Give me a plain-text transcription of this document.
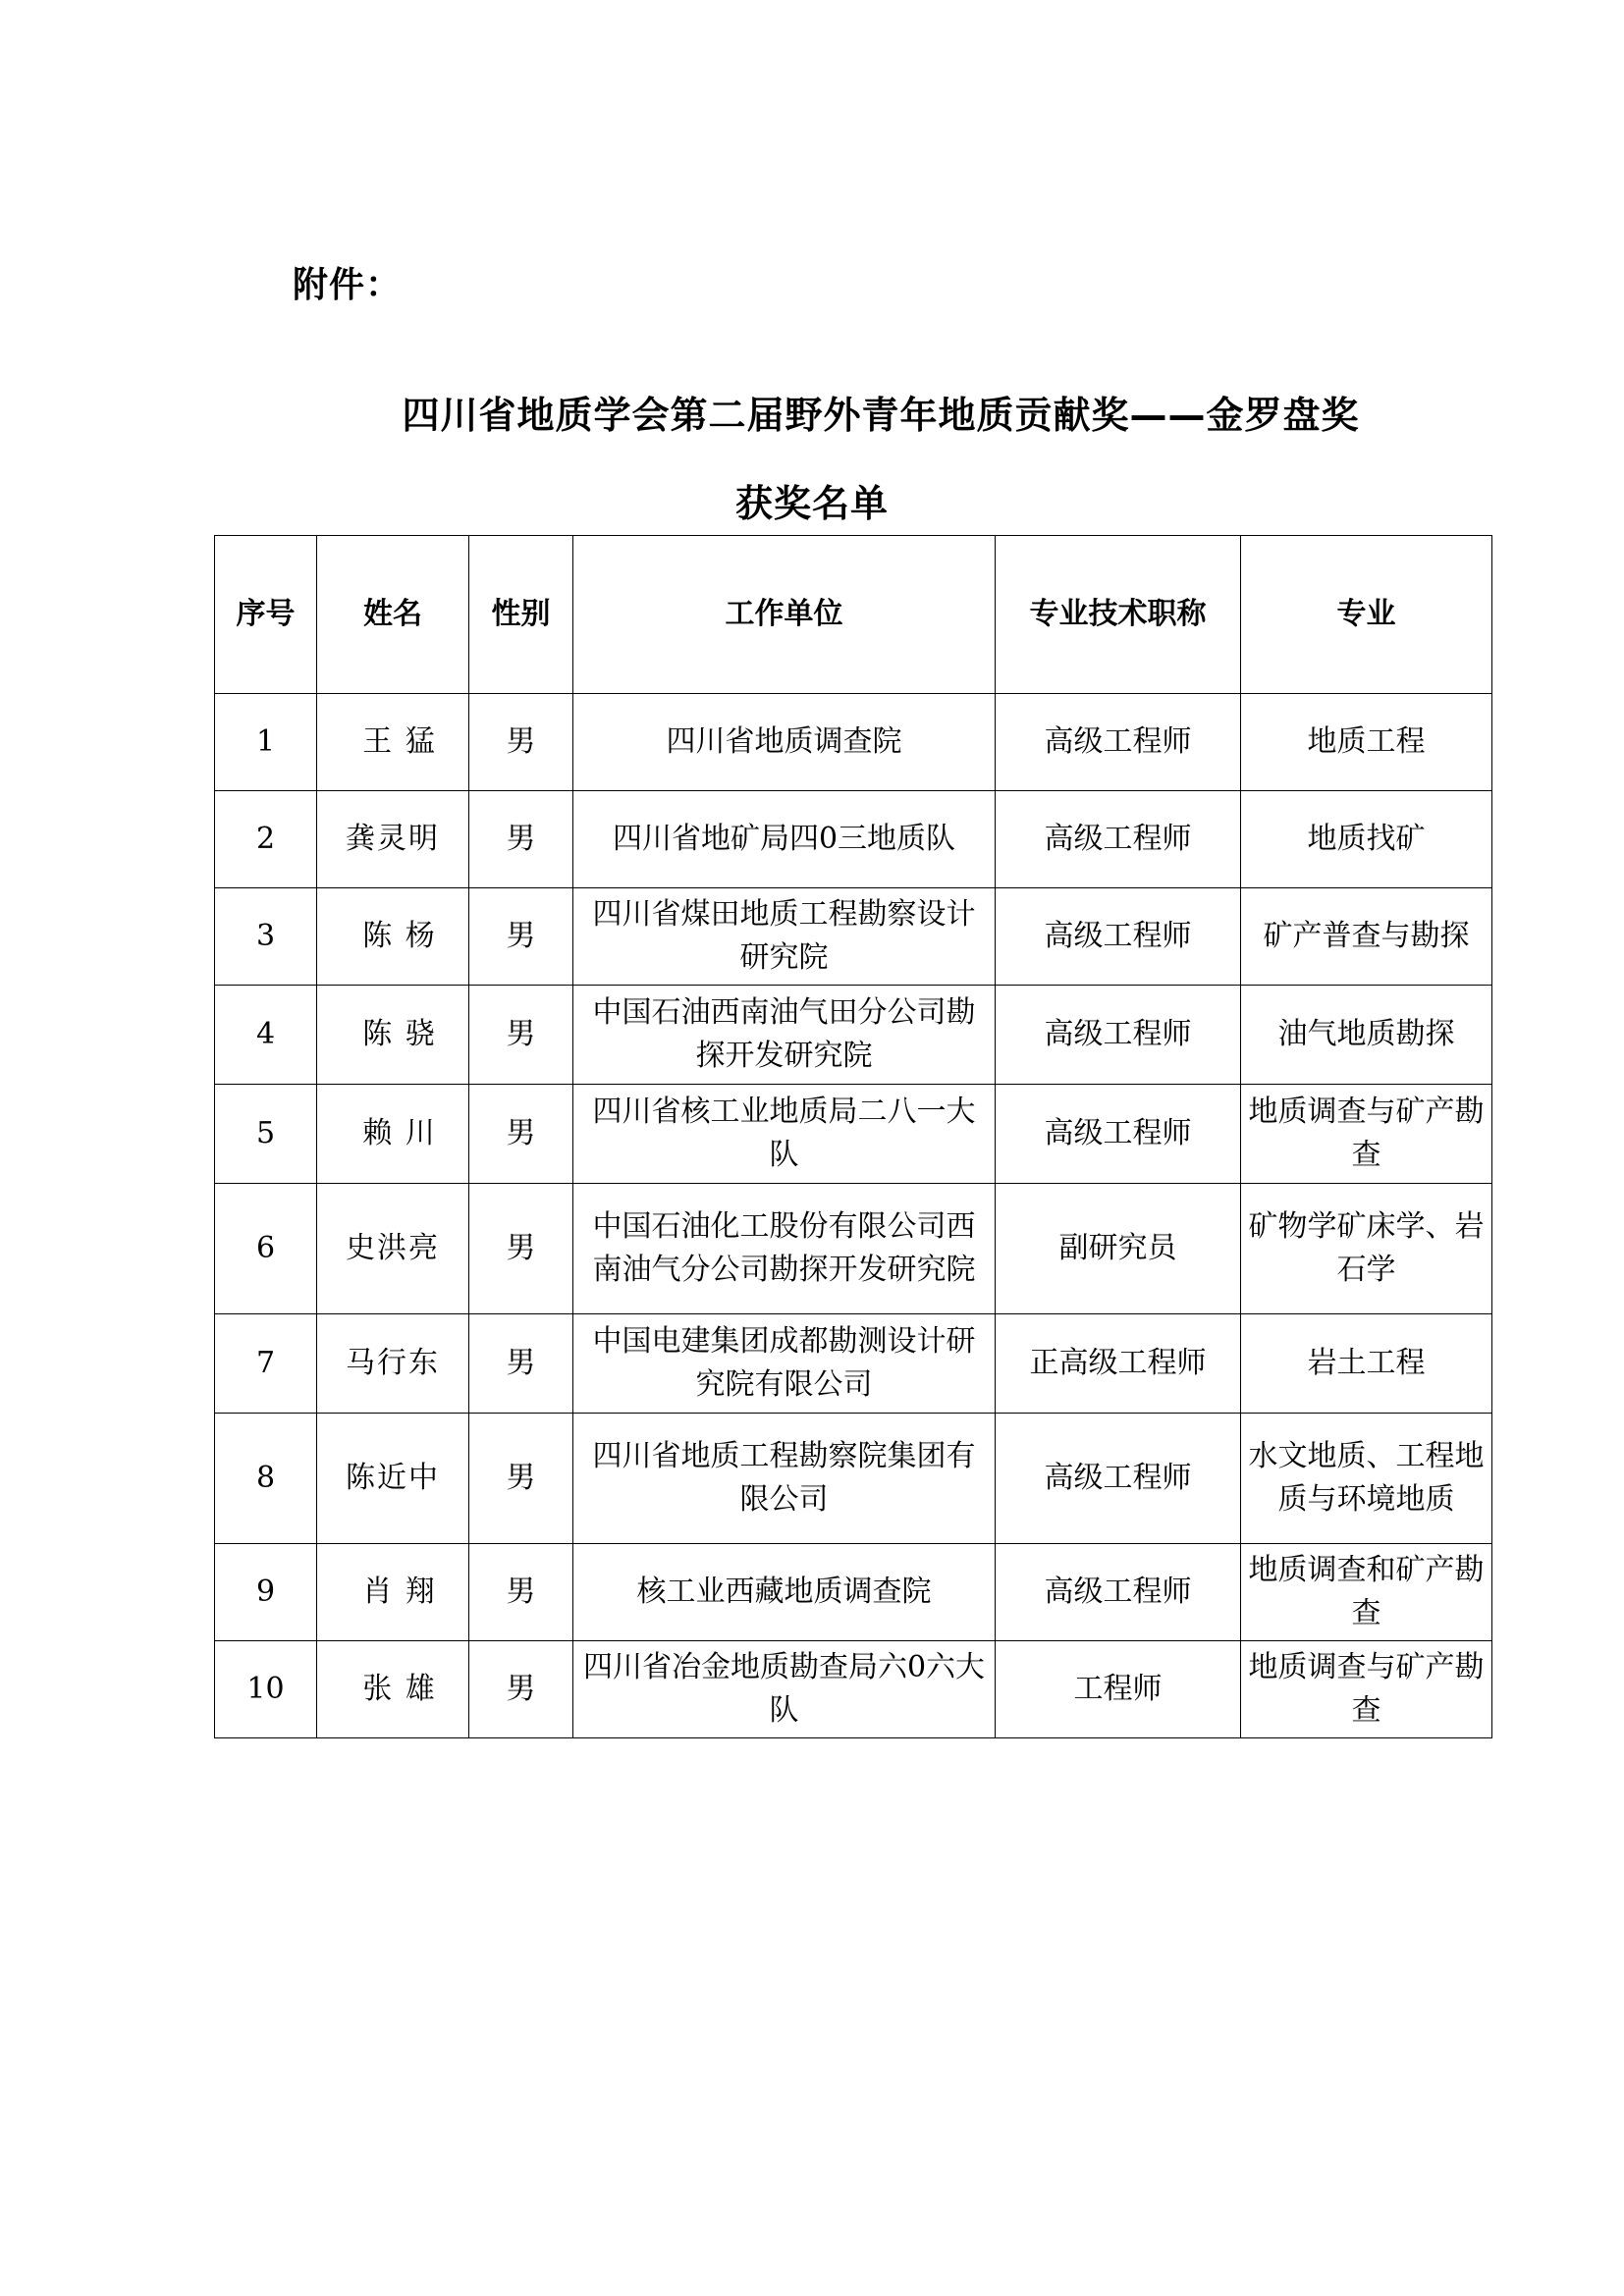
附件：
四川省地质学会第二届野外青年地质贡献奖——金罗盘奖
获奖名单
序号	姓名	性别	工作单位	专业技术职称	专业
1	王 猛	男	四川省地质调查院	高级工程师	地质工程
2	龚灵明	男	四川省地矿局四0三地质队	高级工程师	地质找矿
3	陈 杨	男	四川省煤田地质工程勘察设计研究院	高级工程师	矿产普查与勘探
4	陈 骁	男	中国石油西南油气田分公司勘探开发研究院	高级工程师	油气地质勘探
5	赖 川	男	四川省核工业地质局二八一大队	高级工程师	地质调查与矿产勘查
6	史洪亮	男	中国石油化工股份有限公司西南油气分公司勘探开发研究院	副研究员	矿物学矿床学、岩石学
7	马行东	男	中国电建集团成都勘测设计研究院有限公司	正高级工程师	岩土工程
8	陈近中	男	四川省地质工程勘察院集团有限公司	高级工程师	水文地质、工程地质与环境地质
9	肖 翔	男	核工业西藏地质调查院	高级工程师	地质调查和矿产勘查
10	张 雄	男	四川省冶金地质勘查局六0六大队	工程师	地质调查与矿产勘查
